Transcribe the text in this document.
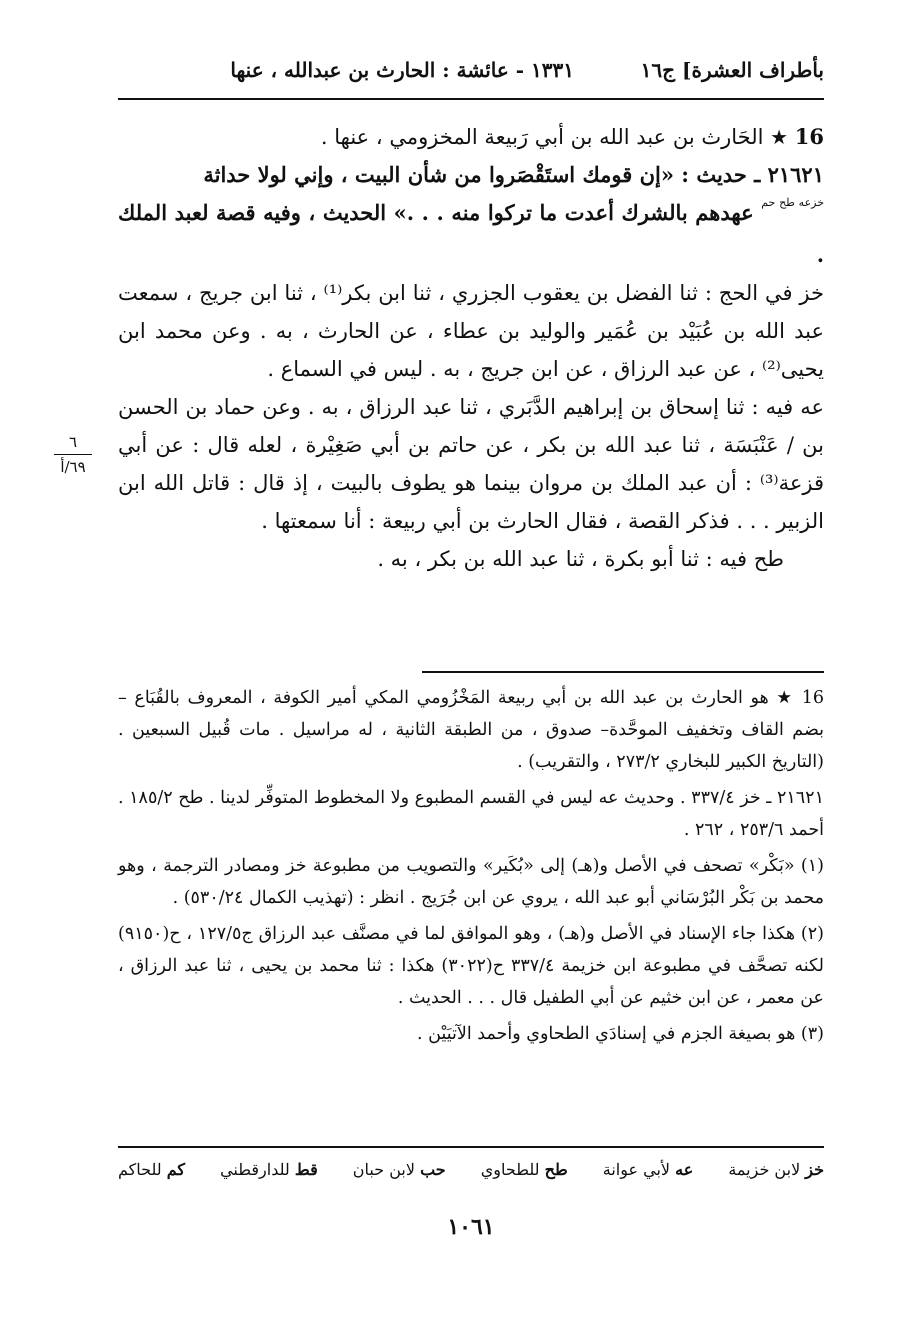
بأطراف العشرة] ج١٦
١٣٣١ - عائشة : الحارث بن عبدالله ، عنها

16 ★ الحَارث بن عبد الله بن أبي رَبيعة المخزومي ، عنها .

٢١٦٢١ ـ حديث : «إن قومك استَقْصَروا من شأن البيت ، وإني لولا حداثة
$^{خزعه طح حم}$ عهدهم بالشرك أعدت ما تركوا منه . . .» الحديث ، وفيه قصة لعبد الملك .

خز في الحج : ثنا الفضل بن يعقوب الجزري ، ثنا ابن بكر⁽¹⁾ ، ثنا ابن جريج ، سمعت عبد الله بن عُبَيْد بن عُمَير والوليد بن عطاء ، عن الحارث ، به . وعن محمد ابن يحيى⁽²⁾ ، عن عبد الرزاق ، عن ابن جريج ، به . ليس في السماع .

عه فيه : ثنا إسحاق بن إبراهيم الدَّبَري ، ثنا عبد الرزاق ، به . وعن حماد بن الحسن بن / عَنْبَسَة ، ثنا عبد الله بن بكر ، عن حاتم بن أبي صَغِيْرة ، لعله قال : عن أبي قزعة⁽³⁾ : أن عبد الملك بن مروان بينما هو يطوف بالبيت ، إذ قال : قاتل الله ابن الزبير . . . فذكر القصة ، فقال الحارث بن أبي ربيعة : أنا سمعتها .

طح فيه : ثنا أبو بكرة ، ثنا عبد الله بن بكر ، به .

16 ★ هو الحارث بن عبد الله بن أبي ربيعة المَخْزُومي المكي أمير الكوفة ، المعروف بالقُبَاع – بضم القاف وتخفيف الموحَّدة– صدوق ، من الطبقة الثانية ، له مراسيل . مات قُبيل السبعين . (التاريخ الكبير للبخاري ٢٧٣/٢ ، والتقريب) .

٢١٦٢١ ـ خز ٣٣٧/٤ . وحديث عه ليس في القسم المطبوع ولا المخطوط المتوفِّر لدينا . طح ١٨٥/٢ . أحمد ٢٥٣/٦ ، ٢٦٢ .

(١) «بَكْر» تصحف في الأصل و(هـ) إلى «بُكَير» والتصويب من مطبوعة خز ومصادر الترجمة ، وهو محمد بن بَكْر البُرْسَاني أبو عبد الله ، يروي عن ابن جُرَيج . انظر : (تهذيب الكمال ٥٣٠/٢٤) .

(٢) هكذا جاء الإسناد في الأصل و(هـ) ، وهو الموافق لما في مصنَّف عبد الرزاق ج١٢٧/٥ ، ح(٩١٥٠) لكنه تصحَّف في مطبوعة ابن خزيمة ٣٣٧/٤ ح(٣٠٢٢) هكذا : ثنا محمد بن يحيى ، ثنا عبد الرزاق ، عن معمر ، عن ابن خثيم عن أبي الطفيل قال . . . الحديث .

(٣) هو بصيغة الجزم في إسنادَي الطحاوي وأحمد الآتيَيْن .

خز لابن خزيمة
عه لأبي عوانة
طح للطحاوي
حب لابن حبان
قط للدارقطني
كم للحاكم
١٠٦١
٦
٦٩/أ
